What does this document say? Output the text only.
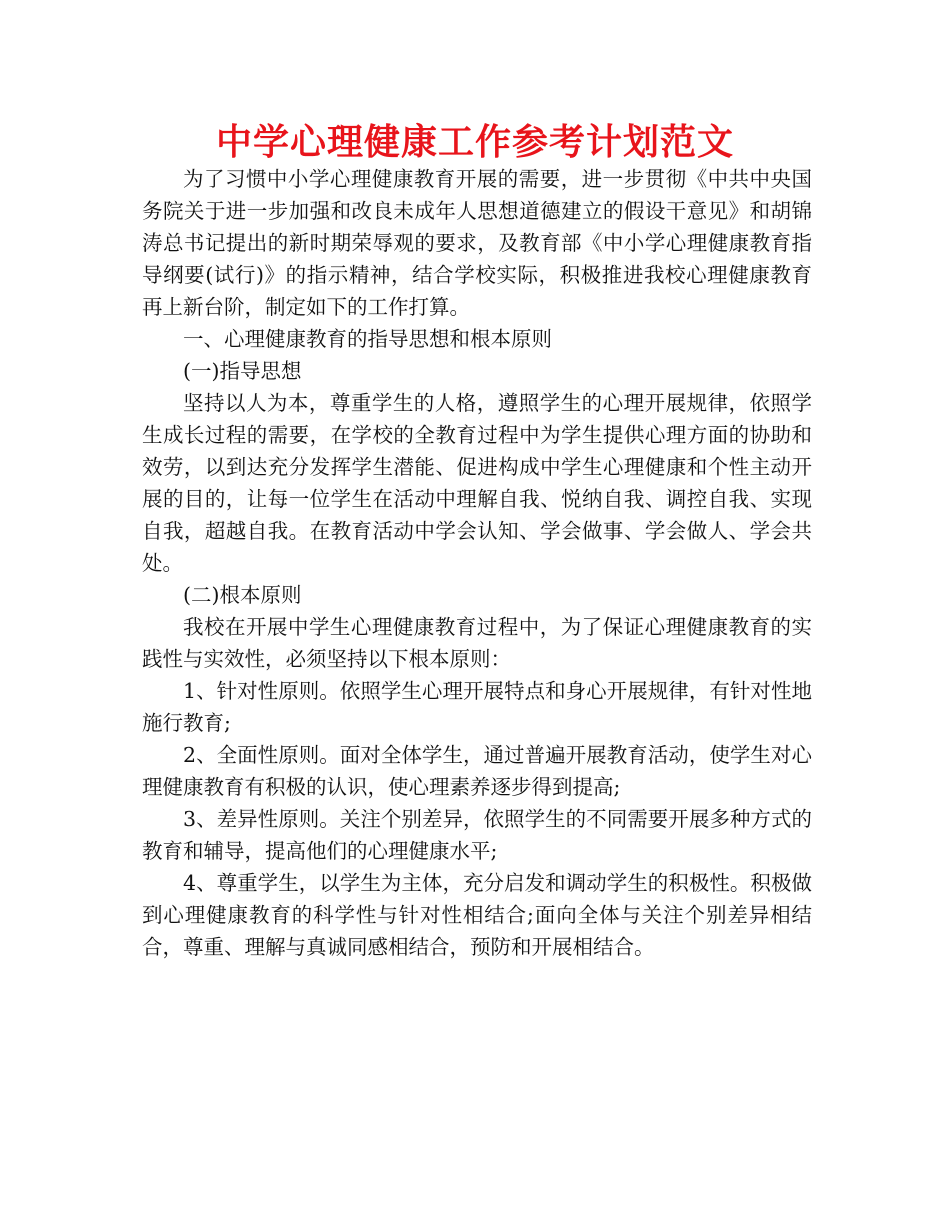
中学心理健康工作参考计划范文

为了习惯中小学心理健康教育开展的需要，进一步贯彻《中共中央国务院关于进一步加强和改良未成年人思想道德建立的假设干意见》和胡锦涛总书记提出的新时期荣辱观的要求，及教育部《中小学心理健康教育指导纲要(试行)》的指示精神，结合学校实际，积极推进我校心理健康教育再上新台阶，制定如下的工作打算。

一、心理健康教育的指导思想和根本原则

(一)指导思想

坚持以人为本，尊重学生的人格，遵照学生的心理开展规律，依照学生成长过程的需要，在学校的全教育过程中为学生提供心理方面的协助和效劳，以到达充分发挥学生潜能、促进构成中学生心理健康和个性主动开展的目的，让每一位学生在活动中理解自我、悦纳自我、调控自我、实现自我，超越自我。在教育活动中学会认知、学会做事、学会做人、学会共处。

(二)根本原则

我校在开展中学生心理健康教育过程中，为了保证心理健康教育的实践性与实效性，必须坚持以下根本原则：

1、针对性原则。依照学生心理开展特点和身心开展规律，有针对性地施行教育;

2、全面性原则。面对全体学生，通过普遍开展教育活动，使学生对心理健康教育有积极的认识，使心理素养逐步得到提高;

3、差异性原则。关注个别差异，依照学生的不同需要开展多种方式的教育和辅导，提高他们的心理健康水平;

4、尊重学生，以学生为主体，充分启发和调动学生的积极性。积极做到心理健康教育的科学性与针对性相结合;面向全体与关注个别差异相结合，尊重、理解与真诚同感相结合，预防和开展相结合。
